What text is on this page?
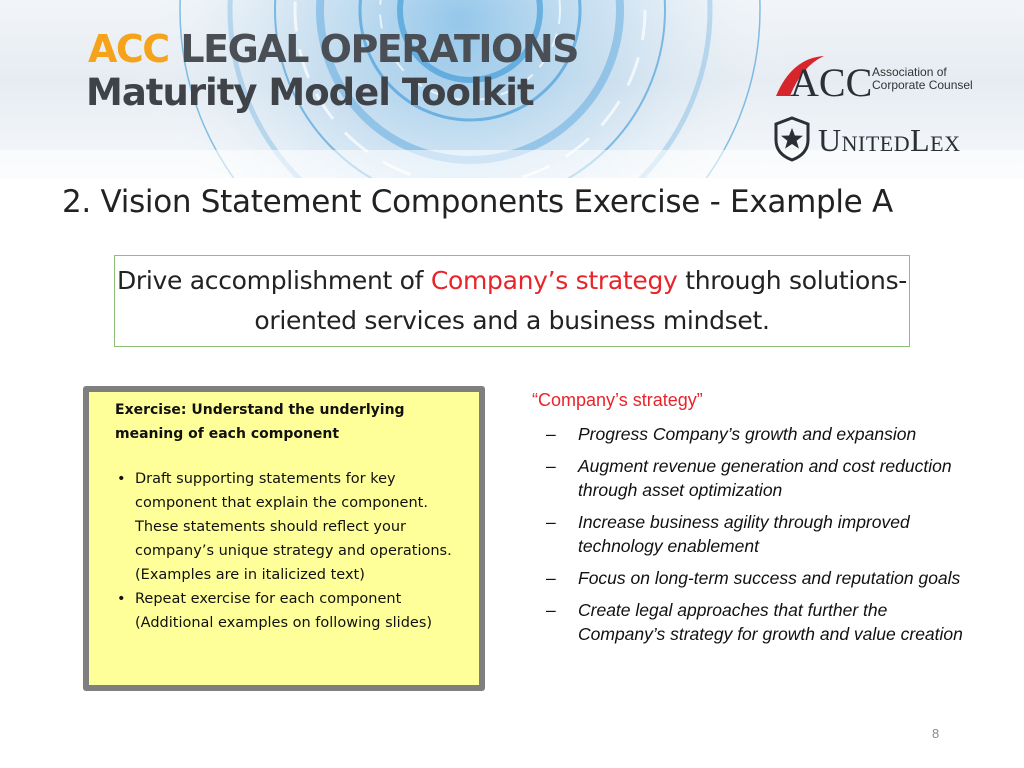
ACC LEGAL OPERATIONS
Maturity Model Toolkit	ACC Association of
Corporate Counsel
UnitedLex
2. Vision Statement Components Exercise - Example A
Drive accomplishment of Company’s strategy through solutions-oriented services and a business mindset.
Exercise: Understand the underlying meaning of each component
• Draft supporting statements for key component that explain the component. These statements should reflect your company’s unique strategy and operations. (Examples are in italicized text)
• Repeat exercise for each component (Additional examples on following slides)
“Company’s strategy”
– Progress Company’s growth and expansion
– Augment revenue generation and cost reduction through asset optimization
– Increase business agility through improved technology enablement
– Focus on long-term success and reputation goals
– Create legal approaches that further the Company’s strategy for growth and value creation
8
